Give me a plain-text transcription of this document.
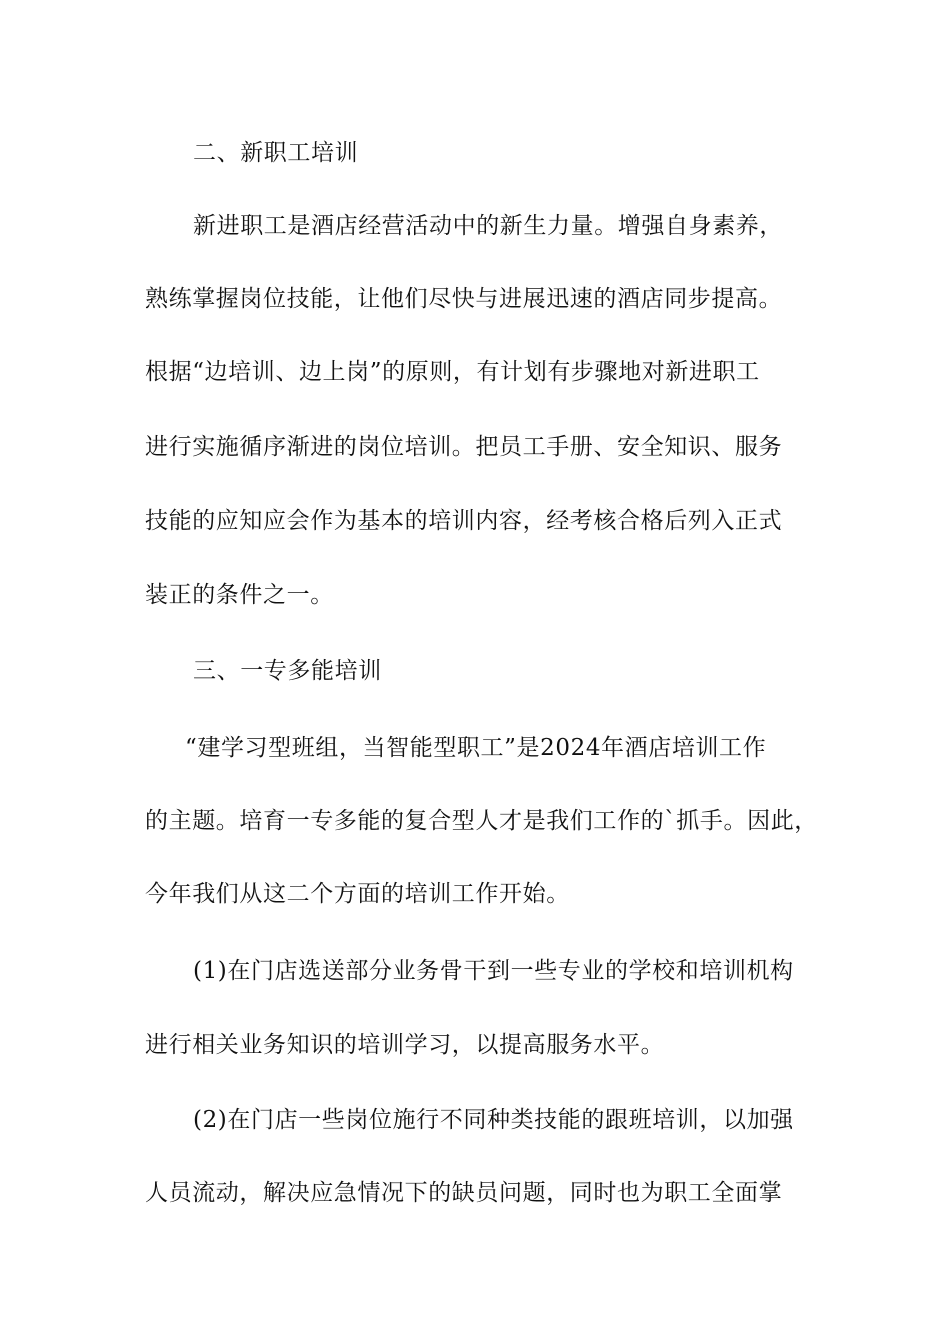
二、新职工培训
新进职工是酒店经营活动中的新生力量。增强自身素养，
熟练掌握岗位技能，让他们尽快与进展迅速的酒店同步提高。
根据“边培训、边上岗”的原则，有计划有步骤地对新进职工
进行实施循序渐进的岗位培训。把员工手册、安全知识、服务
技能的应知应会作为基本的培训内容，经考核合格后列入正式
装正的条件之一。
三、一专多能培训
“建学习型班组，当智能型职工”是2024年酒店培训工作
的主题。培育一专多能的复合型人才是我们工作的`抓手。因此，
今年我们从这二个方面的培训工作开始。
(1)在门店选送部分业务骨干到一些专业的学校和培训机构
进行相关业务知识的培训学习，以提高服务水平。
(2)在门店一些岗位施行不同种类技能的跟班培训，以加强
人员流动，解决应急情况下的缺员问题，同时也为职工全面掌
